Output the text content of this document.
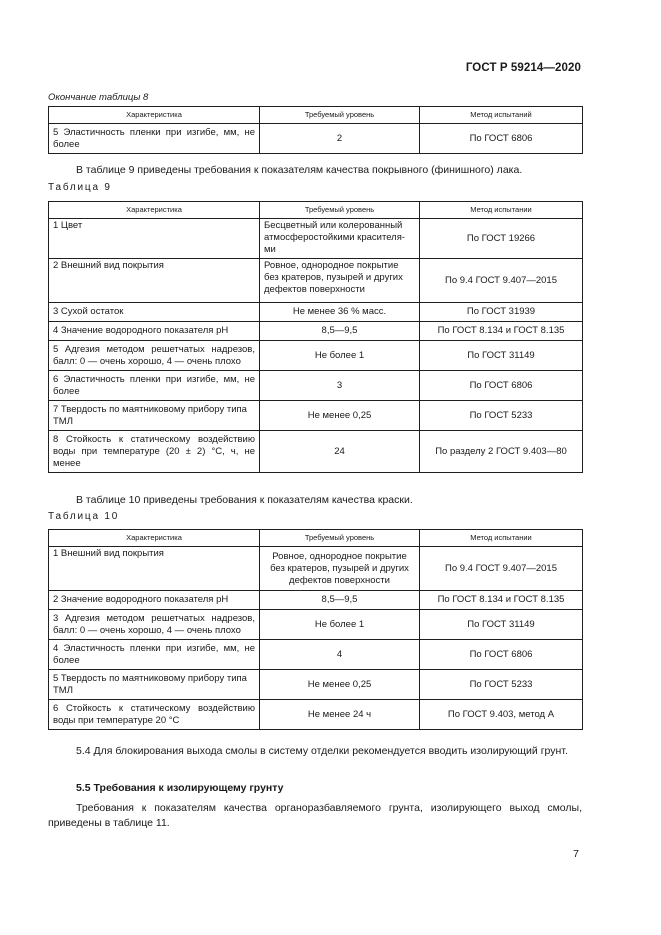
ГОСТ Р 59214—2020
Окончание таблицы 8
Характеристика	Требуемый уровень	Метод испытаний
5 Эластичность пленки при изгибе, мм, не более	2	По ГОСТ 6806
В таблице 9 приведены требования к показателям качества покрывного (финишного) лака.
Таблица 9
Характеристика	Требуемый уровень	Метод испытании
1 Цвет	Бесцветный или колерованный атмосферостойкими красителя-ми	По ГОСТ 19266
2 Внешний вид покрытия	Ровное, однородное покрытие без кратеров, пузырей и других дефектов поверхности	По 9.4 ГОСТ 9.407—2015
3 Сухой остаток	Не менее 36 % масс.	По ГОСТ 31939
4 Значение водородного показателя pH	8,5—9,5	По ГОСТ 8.134 и ГОСТ 8.135
5 Адгезия методом решетчатых надрезов, балл: 0 — очень хорошо, 4 — очень плохо	Не более 1	По ГОСТ 31149
6 Эластичность пленки при изгибе, мм, не более	3	По ГОСТ 6806
7 Твердость по маятниковому прибору типа ТМЛ	Не менее 0,25	По ГОСТ 5233
8 Стойкость к статическому воздействию воды при температуре (20 ± 2) °С, ч, не менее	24	По разделу 2 ГОСТ 9.403—80
В таблице 10 приведены требования к показателям качества краски.
Таблица 10
Характеристика	Требуемый уровень	Метод испытании
1 Внешний вид покрытия	Ровное, однородное покрытие без кратеров, пузырей и других дефектов поверхности	По 9.4 ГОСТ 9.407—2015
2 Значение водородного показателя pH	8,5—9,5	По ГОСТ 8.134 и ГОСТ 8.135
3 Адгезия методом решетчатых надрезов, балл: 0 — очень хорошо, 4 — очень плохо	Не более 1	По ГОСТ 31149
4 Эластичность пленки при изгибе, мм, не более	4	По ГОСТ 6806
5 Твердость по маятниковому прибору типа ТМЛ	Не менее 0,25	По ГОСТ 5233
6 Стойкость к статическому воздействию воды при температуре 20 °С	Не менее 24 ч	По ГОСТ 9.403, метод А
5.4 Для блокирования выхода смолы в систему отделки рекомендуется вводить изолирующий грунт.
5.5 Требования к изолирующему грунту
Требования к показателям качества органоразбавляемого грунта, изолирующего выход смолы, приведены в таблице 11.
7
